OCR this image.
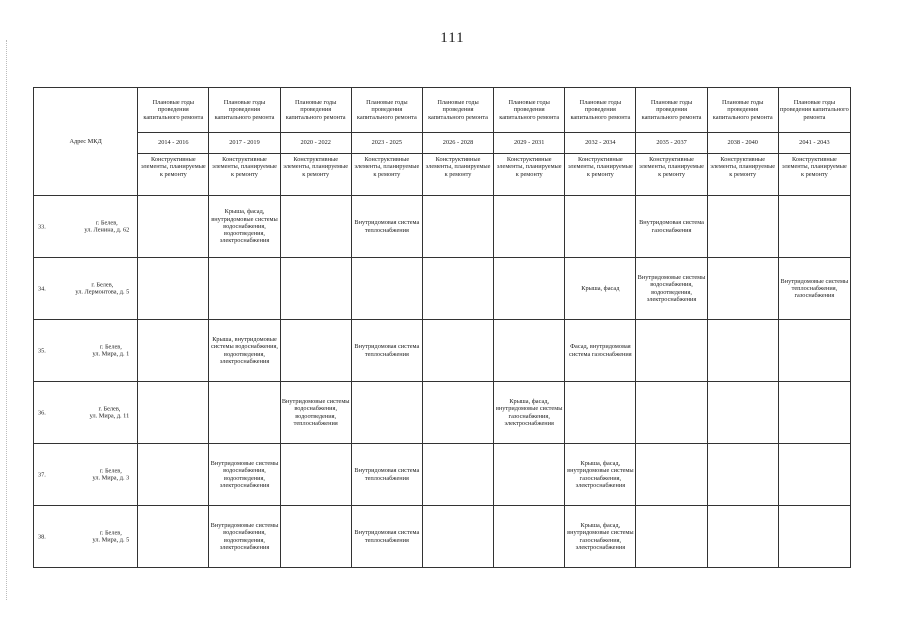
111
Адрес МКД	Плановые годы проведения капитального ремонта	Плановые годы проведения капитального ремонта	Плановые годы проведения капитального ремонта	Плановые годы проведения капитального ремонта	Плановые годы проведения капитального ремонта	Плановые годы проведения капитального ремонта	Плановые годы проведения капитального ремонта	Плановые годы проведения капитального ремонта	Плановые годы проведения капитального ремонта	Плановые годы проведения капитального ремонта
	2014 - 2016	2017 - 2019	2020 - 2022	2023 - 2025	2026 - 2028	2029 - 2031	2032 - 2034	2035 - 2037	2038 - 2040	2041 - 2043
	Конструктивные элементы, планируемые к ремонту	Конструктивные элементы, планируемые к ремонту	Конструктивные элементы, планируемые к ремонту	Конструктивные элементы, планируемые к ремонту	Конструктивные элементы, планируемые к ремонту	Конструктивные элементы, планируемые к ремонту	Конструктивные элементы, планируемые к ремонту	Конструктивные элементы, планируемые к ремонту	Конструктивные элементы, планируемые к ремонту	Конструктивные элементы, планируемые к ремонту

33.
г. Белев,
ул. Ленина, д. 62		Крыша, фасад, внутридомовые системы водоснабжения, водоотведения, электроснабжения		Внутридомовая система теплоснабжения				Внутридомовая система газоснабжения		

34.
г. Белев,
ул. Лермонтова, д. 5							Крыша, фасад	Внутридомовые системы водоснабжения, водоотведения, электроснабжения		Внутридомовые системы теплоснабжения, газоснабжения

35.
г. Белев,
ул. Мира, д. 1		Крыша, внутридомовые системы водоснабжения, водоотведения, электроснабжения		Внутридомовая система теплоснабжения			Фасад, внутридомовая система газоснабжения			

36.
г. Белев,
ул. Мира, д. 11			Внутридомовые системы водоснабжения, водоотведения, теплоснабжения			Крыша, фасад, внутридомовые системы газоснабжения, электроснабжения				

37.
г. Белев,
ул. Мира, д. 3		Внутридомовые системы водоснабжения, водоотведения, электроснабжения		Внутридомовая система теплоснабжения			Крыша, фасад, внутридомовые системы газоснабжения, электроснабжения			

38.
г. Белев,
ул. Мира, д. 5		Внутридомовые системы водоснабжения, водоотведения, электроснабжения		Внутридомовая система теплоснабжения			Крыша, фасад, внутридомовые системы газоснабжения, электроснабжения			
